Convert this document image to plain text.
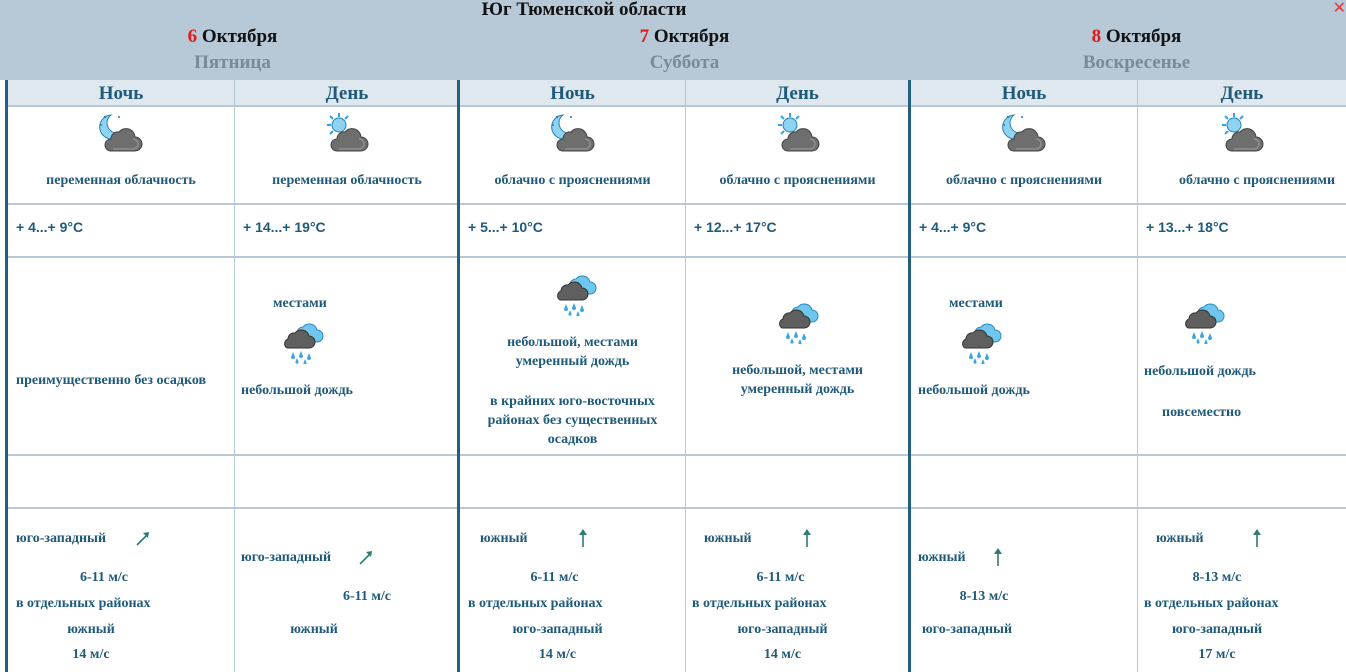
Юг Тюменской области	✕
6 Октября
Пятница
7 Октября
Суббота
8 Октября
Воскресенье
Ночь
переменная облачность
+ 4...+ 9°C
преимущественно без осадков
юго-западный
6-11 м/с
в отдельных районах
южный
14 м/с
День
переменная облачность
+ 14...+ 19°C
местами
небольшой дождь
юго-западный
6-11 м/с
южный
Ночь
облачно с прояснениями
+ 5...+ 10°C
небольшой, местами
умеренный дождь
в крайних юго-восточных
районах без существенных
осадков
южный
6-11 м/с
в отдельных районах
юго-западный
14 м/с
День
облачно с прояснениями
+ 12...+ 17°C
небольшой, местами
умеренный дождь
южный
6-11 м/с
в отдельных районах
юго-западный
14 м/с
Ночь
облачно с прояснениями
+ 4...+ 9°C
местами
небольшой дождь
южный
8-13 м/с
юго-западный
День
облачно с прояснениями
+ 13...+ 18°C
небольшой дождь
повсеместно
южный
8-13 м/с
в отдельных районах
юго-западный
17 м/с
